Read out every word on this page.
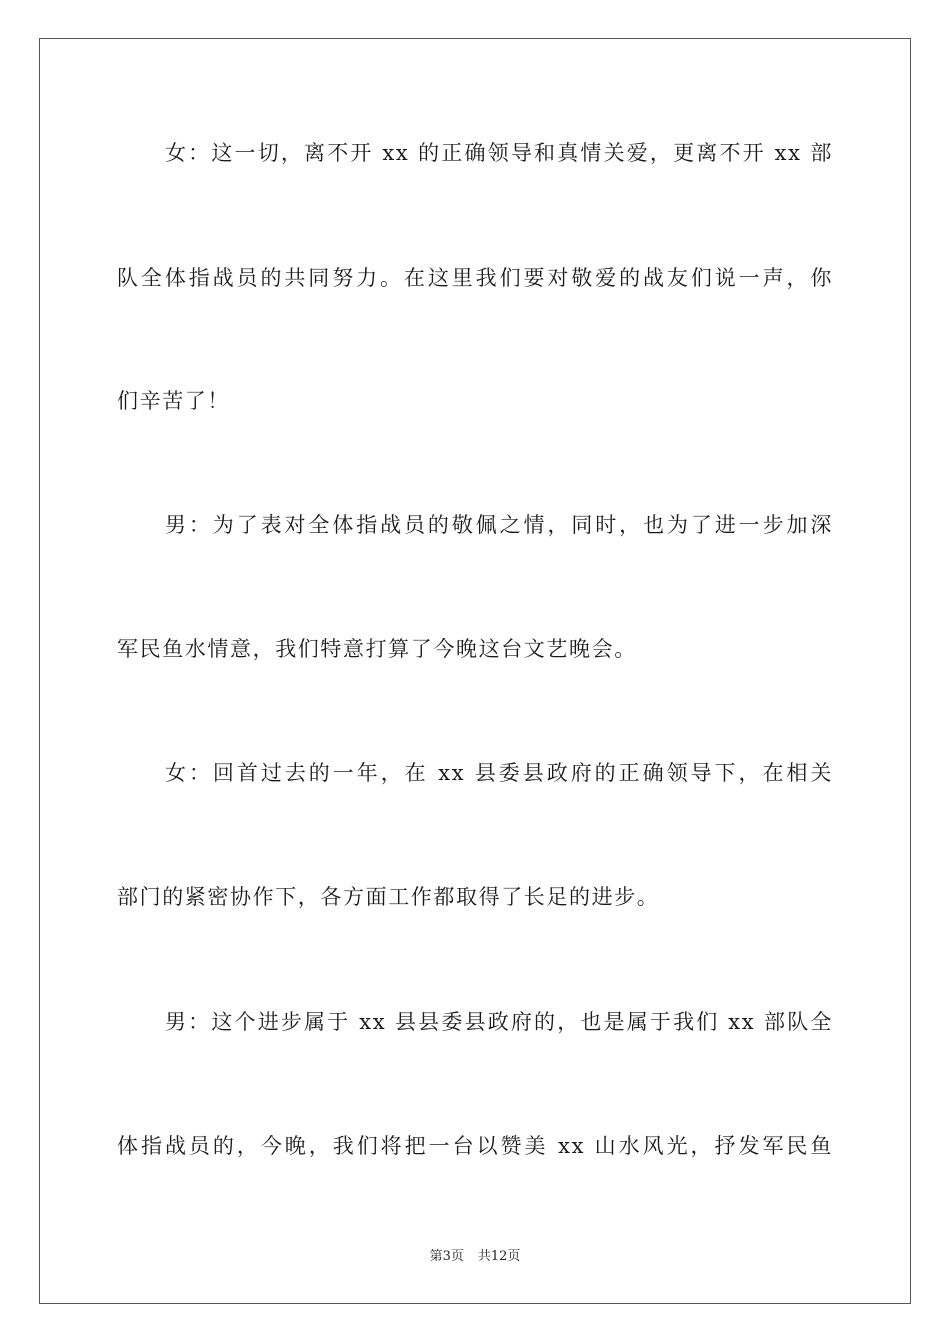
女：这一切，离不开 xx 的正确领导和真情关爱，更离不开 xx 部
队全体指战员的共同努力。在这里我们要对敬爱的战友们说一声，你
们辛苦了！
男：为了表对全体指战员的敬佩之情，同时，也为了进一步加深
军民鱼水情意，我们特意打算了今晚这台文艺晚会。
女：回首过去的一年，在 xx 县委县政府的正确领导下，在相关
部门的紧密协作下，各方面工作都取得了长足的进步。
男：这个进步属于 xx 县县委县政府的，也是属于我们 xx 部队全
体指战员的，今晚，我们将把一台以赞美 xx 山水风光，抒发军民鱼
第3页 共12页
